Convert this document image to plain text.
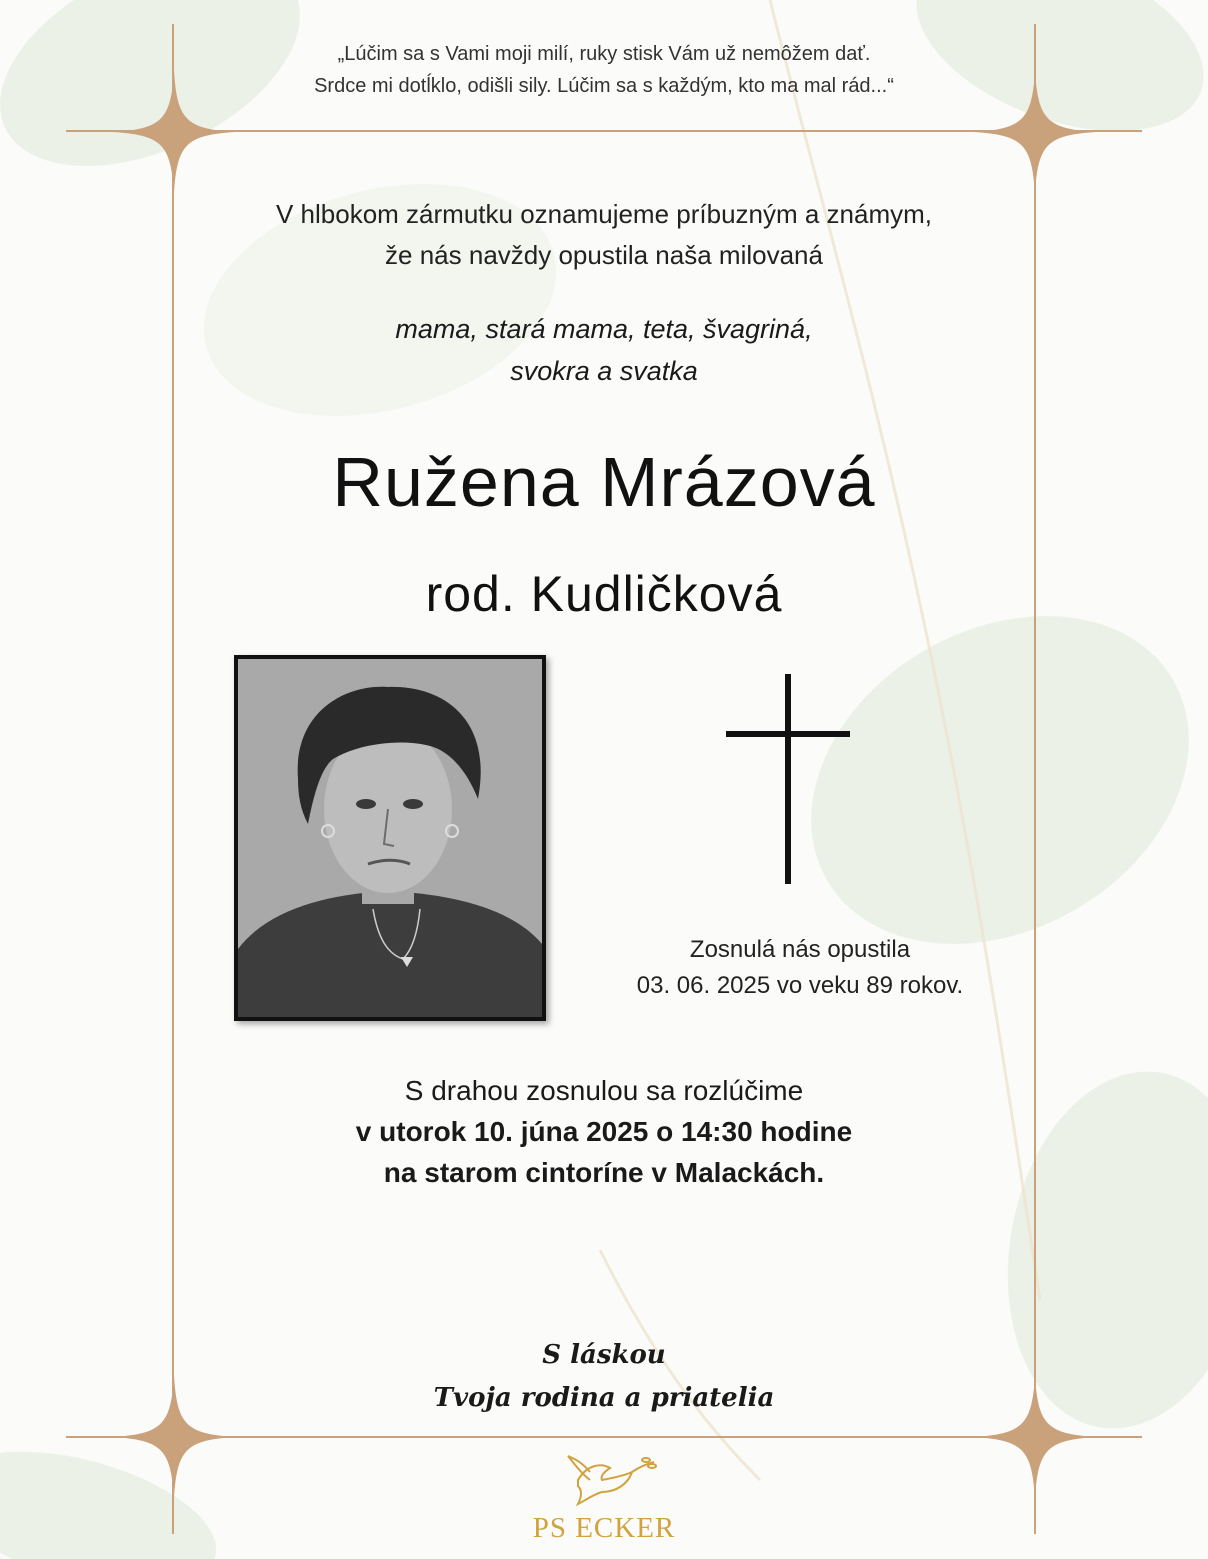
„Lúčim sa s Vami moji milí, ruky stisk Vám už nemôžem dať.
Srdce mi dotĺklo, odišli sily. Lúčim sa s každým, kto ma mal rád...“
V hlbokom zármutku oznamujeme príbuzným a známym,
že nás navždy opustila naša milovaná
mama, stará mama, teta, švagriná,
svokra a svatka
Ružena Mrázová
rod. Kudličková
Zosnulá nás opustila
03. 06. 2025 vo veku 89 rokov.
S drahou zosnulou sa rozlúčime
v utorok 10. júna 2025 o 14:30 hodine
na starom cintoríne v Malackách.
S láskou
Tvoja rodina a priatelia
PS ECKER
